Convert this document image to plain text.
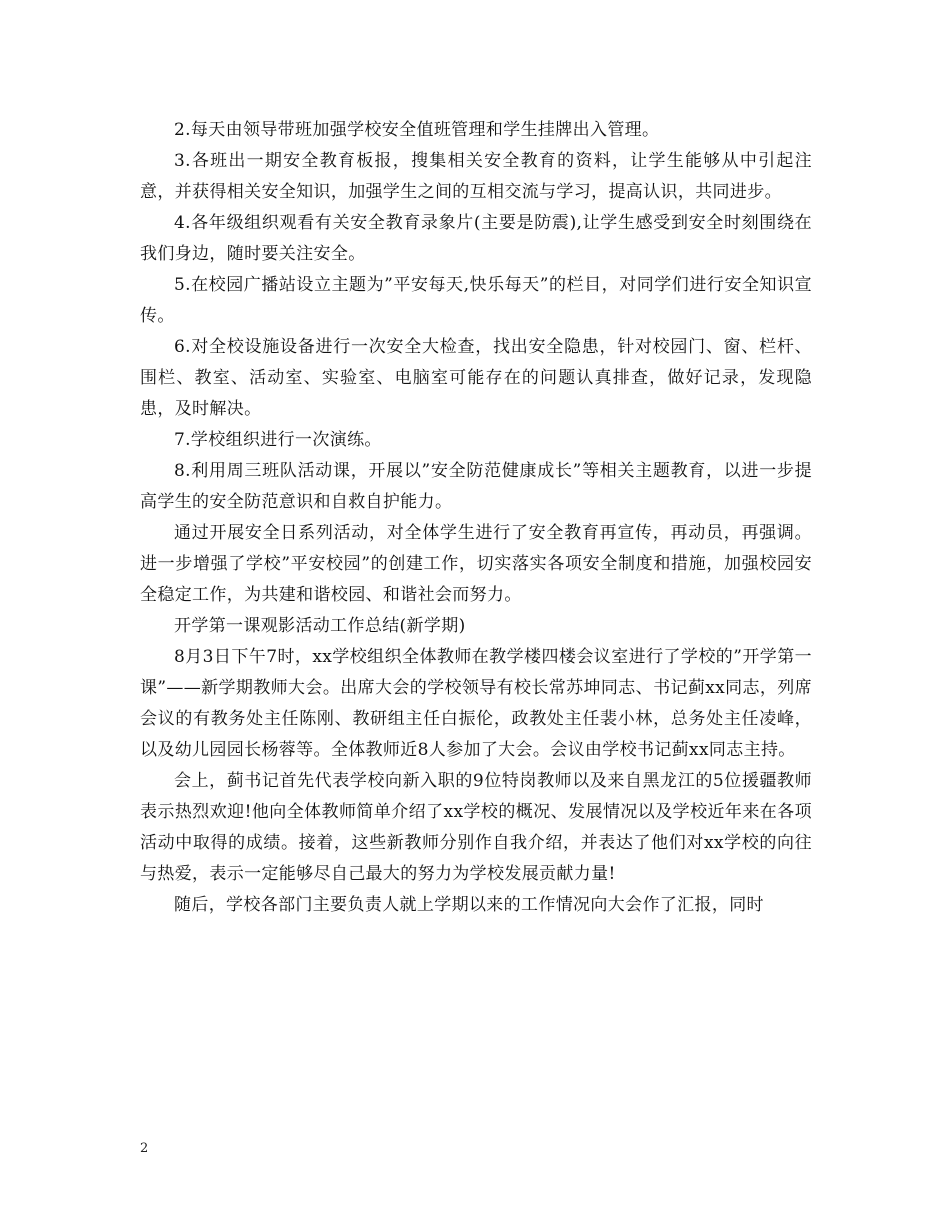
2.每天由领导带班加强学校安全值班管理和学生挂牌出入管理。

3.各班出一期安全教育板报，搜集相关安全教育的资料，让学生能够从中引起注意，并获得相关安全知识，加强学生之间的互相交流与学习，提高认识，共同进步。

4.各年级组织观看有关安全教育录象片(主要是防震),让学生感受到安全时刻围绕在我们身边，随时要关注安全。

5.在校园广播站设立主题为”平安每天,快乐每天”的栏目，对同学们进行安全知识宣传。

6.对全校设施设备进行一次安全大检查，找出安全隐患，针对校园门、窗、栏杆、围栏、教室、活动室、实验室、电脑室可能存在的问题认真排查，做好记录，发现隐患，及时解决。

7.学校组织进行一次演练。

8.利用周三班队活动课，开展以”安全防范健康成长”等相关主题教育，以进一步提高学生的安全防范意识和自救自护能力。

通过开展安全日系列活动，对全体学生进行了安全教育再宣传，再动员，再强调。进一步增强了学校”平安校园”的创建工作，切实落实各项安全制度和措施，加强校园安全稳定工作，为共建和谐校园、和谐社会而努力。

开学第一课观影活动工作总结(新学期)

8月3日下午7时，xx学校组织全体教师在教学楼四楼会议室进行了学校的”开学第一课”——新学期教师大会。出席大会的学校领导有校长常苏坤同志、书记蓟xx同志，列席会议的有教务处主任陈刚、教研组主任白振伦，政教处主任裴小林，总务处主任凌峰，以及幼儿园园长杨蓉等。全体教师近8人参加了大会。会议由学校书记蓟xx同志主持。

会上，蓟书记首先代表学校向新入职的9位特岗教师以及来自黑龙江的5位援疆教师表示热烈欢迎!他向全体教师简单介绍了xx学校的概况、发展情况以及学校近年来在各项活动中取得的成绩。接着，这些新教师分别作自我介绍，并表达了他们对xx学校的向往与热爱，表示一定能够尽自己最大的努力为学校发展贡献力量!

随后，学校各部门主要负责人就上学期以来的工作情况向大会作了汇报，同时

2
